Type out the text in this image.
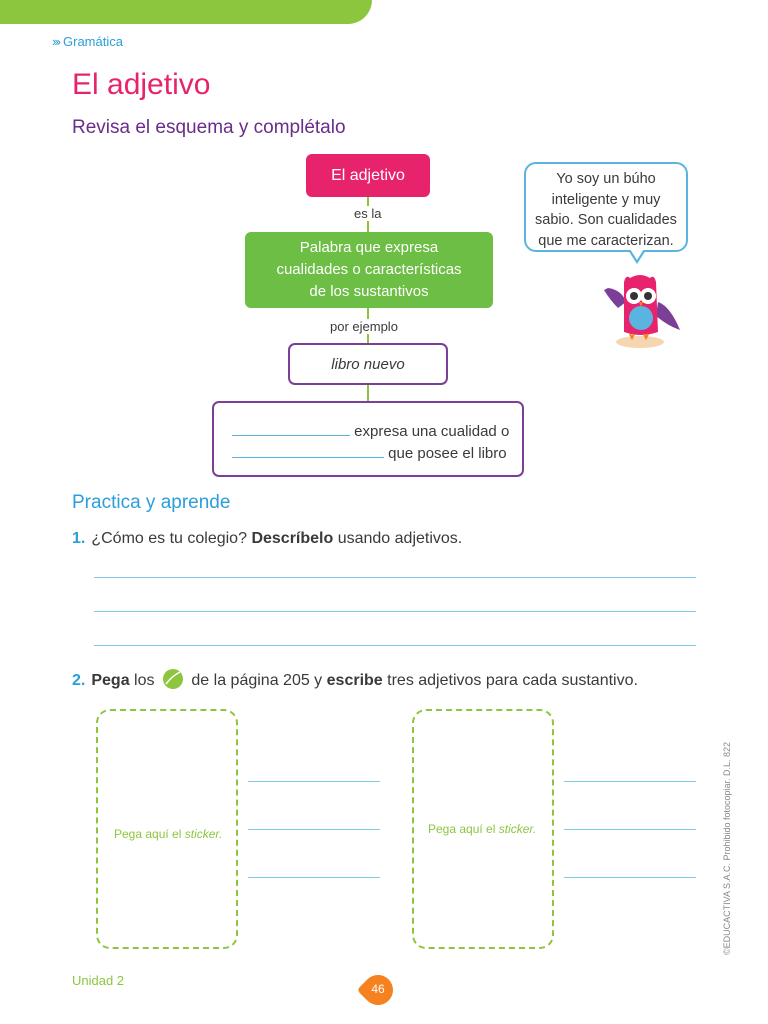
››› Gramática
El adjetivo
Revisa el esquema y complétalo
es la
por ejemplo
El adjetivo
Palabra que expresa
cualidades o características
de los sustantivos
libro nuevo
expresa una cualidad o
que posee el libro
Yo soy un búho
inteligente y muy
sabio. Son cualidades
que me caracterizan.
Practica y aprende
1. ¿Cómo es tu colegio? Descríbelo usando adjetivos.
2. Pega los de la página 205 y escribe tres adjetivos para cada sustantivo.
Pega aquí el sticker.	Pega aquí el sticker.	©EDUCACTIVA S.A.C. Prohibido fotocopiar. D.L. 822
Unidad 2
46
